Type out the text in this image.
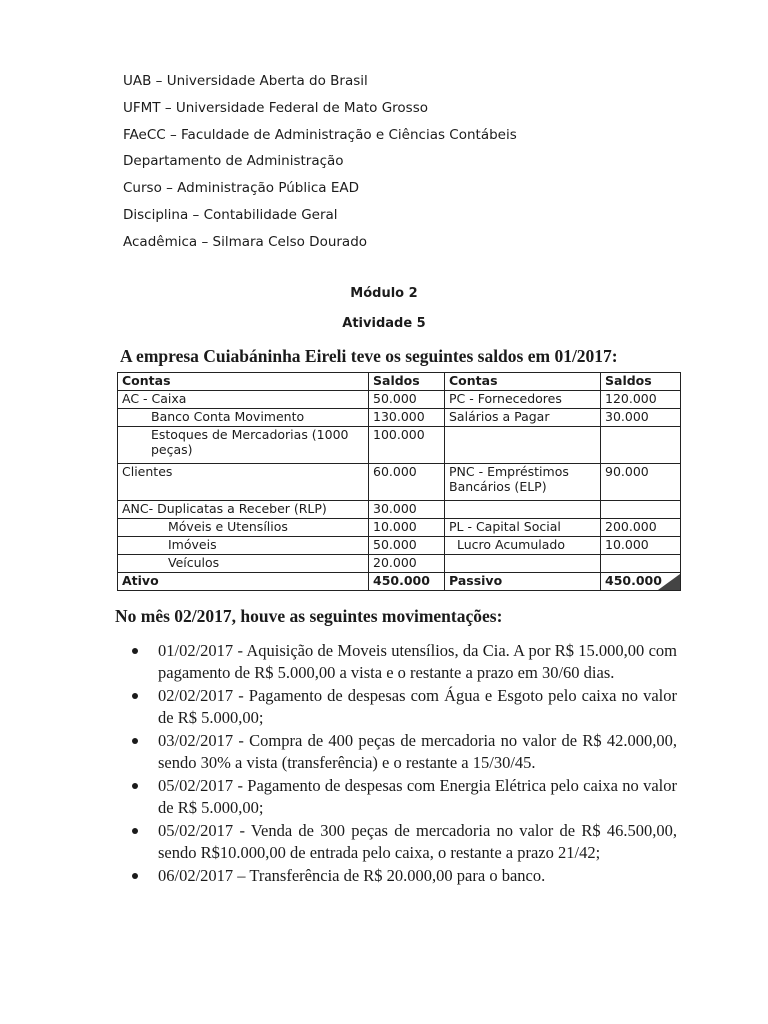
UAB – Universidade Aberta do Brasil
UFMT – Universidade Federal de Mato Grosso
FAeCC – Faculdade de Administração e Ciências Contábeis
Departamento de Administração
Curso – Administração Pública EAD
Disciplina – Contabilidade Geral
Acadêmica – Silmara Celso Dourado
Módulo 2
Atividade 5
A empresa Cuiabáninha Eireli teve os seguintes saldos em 01/2017:
Contas	Saldos	Contas	Saldos
AC - Caixa	50.000	PC - Fornecedores	120.000
Banco Conta Movimento	130.000	Salários a Pagar	30.000
Estoques de Mercadorias (1000 peças)	100.000		
Clientes	60.000	PNC - Empréstimos Bancários (ELP)	90.000
ANC- Duplicatas a Receber (RLP)	30.000		
Móveis e Utensílios	10.000	PL - Capital Social	200.000
Imóveis	50.000	Lucro Acumulado	10.000
Veículos	20.000		
Ativo	450.000	Passivo	450.000
No mês 02/2017, houve as seguintes movimentações:
01/02/2017 - Aquisição de Moveis utensílios, da Cia. A por R$ 15.000,00 com pagamento de R$ 5.000,00 a vista e o restante a prazo em 30/60 dias.
02/02/2017 - Pagamento de despesas com Água e Esgoto pelo caixa no valor de R$ 5.000,00;
03/02/2017 - Compra de 400 peças de mercadoria no valor de R$ 42.000,00, sendo 30% a vista (transferência) e o restante a 15/30/45.
05/02/2017 - Pagamento de despesas com Energia Elétrica pelo caixa no valor de R$ 5.000,00;
05/02/2017 - Venda de 300 peças de mercadoria no valor de R$ 46.500,00, sendo R$10.000,00 de entrada pelo caixa, o restante a prazo 21/42;
06/02/2017 – Transferência de R$ 20.000,00 para o banco.
